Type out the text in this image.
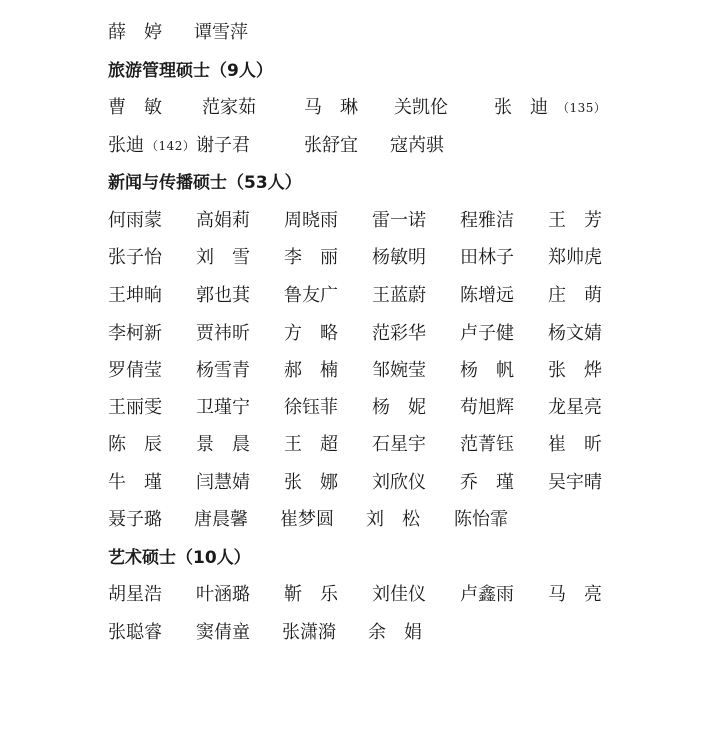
薛　婷 谭雪萍
旅游管理硕士（9人）
曹　敏 范家茹	马　琳 关凯伦	张　迪 （135）
张迪 （142） 谢子君	张舒宜 寇芮骐
新闻与传播硕士（53人）
何雨蒙 高娟莉 周晓雨 雷一诺 程雅洁 王　芳
张子怡 刘　雪 李　丽 杨敏明 田林子 郑帅虎
王坤晌 郭也萁 鲁友广 王蓝蔚 陈增远 庄　萌
李柯新 贾祎昕 方　略 范彩华 卢子健 杨文婧
罗倩莹 杨雪青 郝　楠 邹婉莹 杨　帆 张　烨
王丽雯 卫瑾宁 徐钰菲 杨　妮 苟旭辉 龙星亮
陈　辰 景　晨 王　超 石星宇 范菁钰 崔　昕
牛　瑾 闫慧婧 张　娜 刘欣仪 乔　瑾 吴宇晴
聂子璐 唐晨馨 崔梦圆 刘　松 陈怡霏
艺术硕士（10人）
胡星浩 叶涵璐 靳　乐 刘佳仪 卢鑫雨 马　亮
张聪睿 窦倩童 张潇漪 余　娟
